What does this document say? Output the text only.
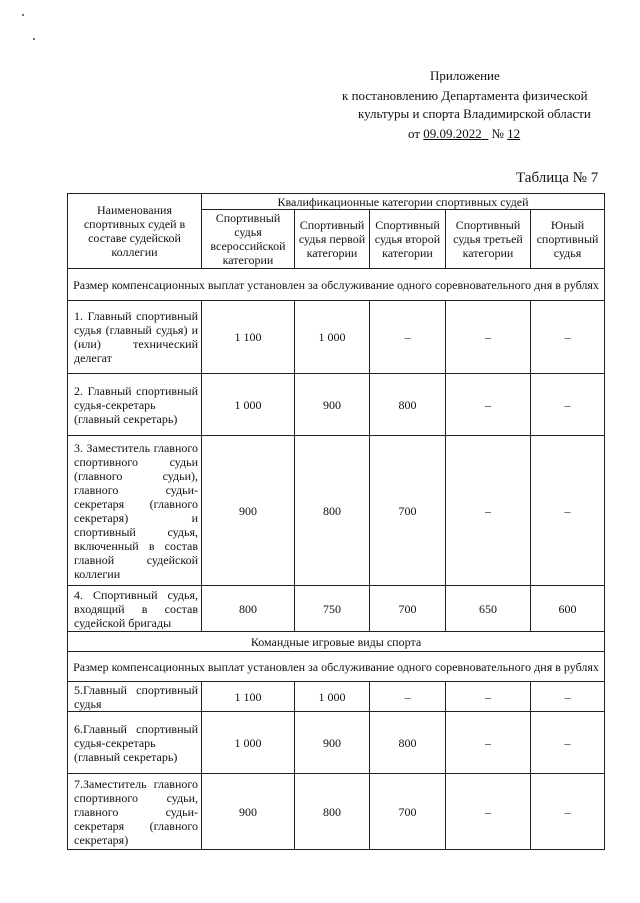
Приложение
к постановлению Департамента физической
культуры и спорта Владимирской области
от 09.09.2022 № 12
Таблица № 7
Наименования спортивных судей в составе судейской коллегии	Квалификационные категории спортивных судей				
	Спортивный судья всероссийской категории	Спортивный судья первой категории	Спортивный судья второй категории	Спортивный судья третьей категории	Юный спортивный судья
Размер компенсационных выплат установлен за обслуживание одного соревновательного дня в рублях					
1. Главный спортивный судья (главный судья) и (или) технический делегат	1 100	1 000	–	–	–
2. Главный спортивный судья-секретарь (главный секретарь)	1 000	900	800	–	–
3. Заместитель главного спортивного судьи (главного судьи), главного судьи-секретаря (главного секретаря) и спортивный судья, включенный в состав главной судейской коллегии	900	800	700	–	–
4. Спортивный судья, входящий в состав судейской бригады	800	750	700	650	600
Командные игровые виды спорта					
Размер компенсационных выплат установлен за обслуживание одного соревновательного дня в рублях					
5.Главный спортивный судья	1 100	1 000	–	–	–
6.Главный спортивный судья-секретарь (главный секретарь)	1 000	900	800	–	–
7.Заместитель главного спортивного судьи, главного судьи-секретаря (главного секретаря)	900	800	700	–	–
